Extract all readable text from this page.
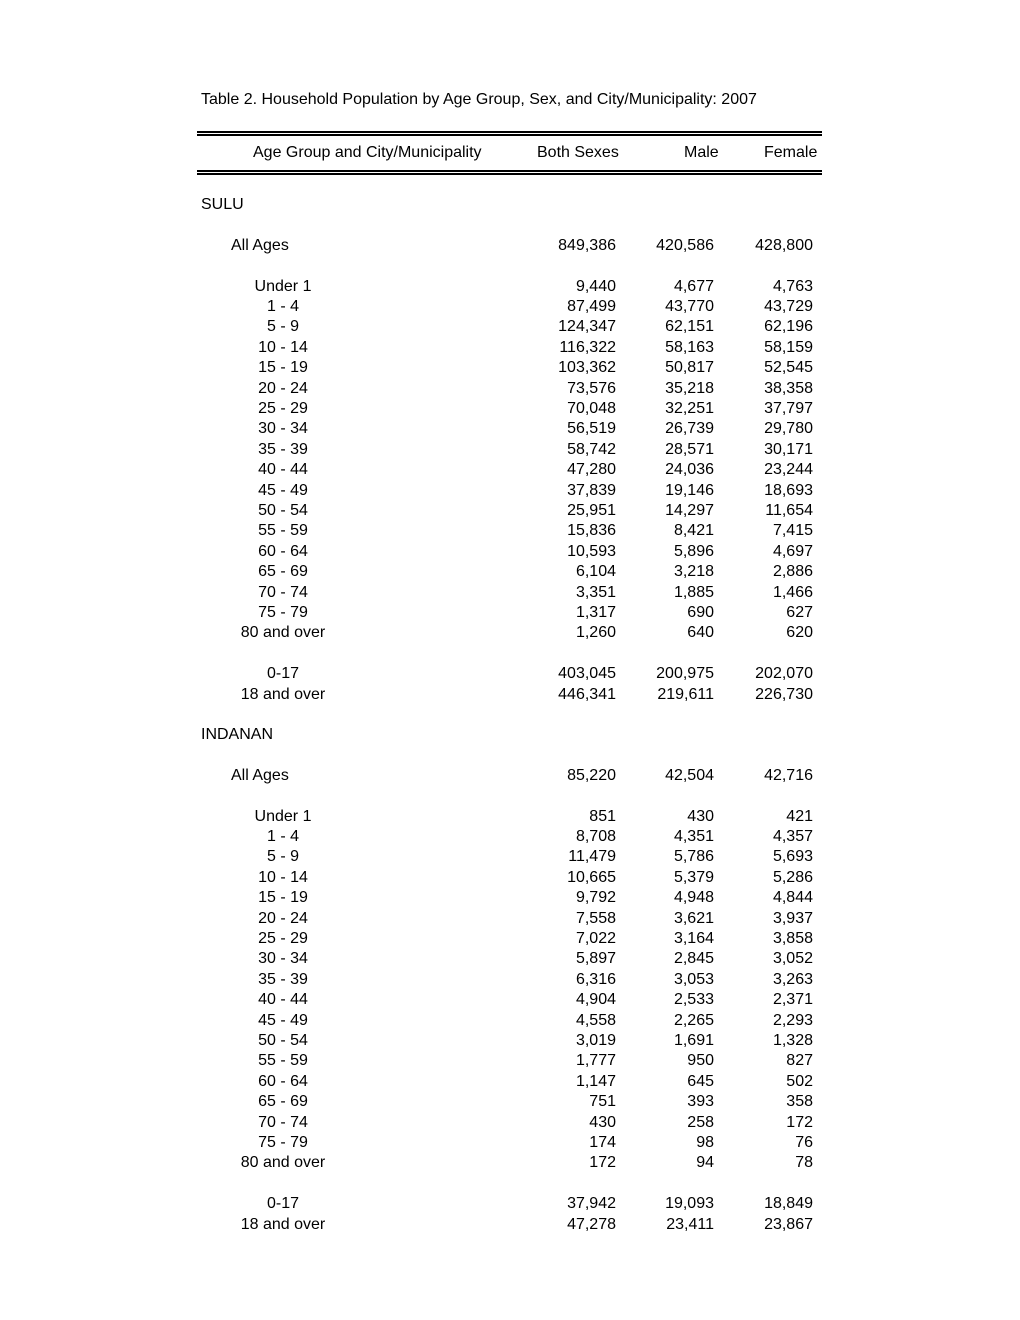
Table 2. Household Population by Age Group, Sex, and City/Municipality: 2007
Age Group and City/Municipality	Both Sexes	Male	Female
SULU
All Ages	849,386	420,586	428,800
Under 1	9,440	4,677	4,763
1 - 4	87,499	43,770	43,729
5 - 9	124,347	62,151	62,196
10 - 14	116,322	58,163	58,159
15 - 19	103,362	50,817	52,545
20 - 24	73,576	35,218	38,358
25 - 29	70,048	32,251	37,797
30 - 34	56,519	26,739	29,780
35 - 39	58,742	28,571	30,171
40 - 44	47,280	24,036	23,244
45 - 49	37,839	19,146	18,693
50 - 54	25,951	14,297	11,654
55 - 59	15,836	8,421	7,415
60 - 64	10,593	5,896	4,697
65 - 69	6,104	3,218	2,886
70 - 74	3,351	1,885	1,466
75 - 79	1,317	690	627
80 and over	1,260	640	620
0-17	403,045	200,975	202,070
18 and over	446,341	219,611	226,730
INDANAN
All Ages	85,220	42,504	42,716
Under 1	851	430	421
1 - 4	8,708	4,351	4,357
5 - 9	11,479	5,786	5,693
10 - 14	10,665	5,379	5,286
15 - 19	9,792	4,948	4,844
20 - 24	7,558	3,621	3,937
25 - 29	7,022	3,164	3,858
30 - 34	5,897	2,845	3,052
35 - 39	6,316	3,053	3,263
40 - 44	4,904	2,533	2,371
45 - 49	4,558	2,265	2,293
50 - 54	3,019	1,691	1,328
55 - 59	1,777	950	827
60 - 64	1,147	645	502
65 - 69	751	393	358
70 - 74	430	258	172
75 - 79	174	98	76
80 and over	172	94	78
0-17	37,942	19,093	18,849
18 and over	47,278	23,411	23,867
